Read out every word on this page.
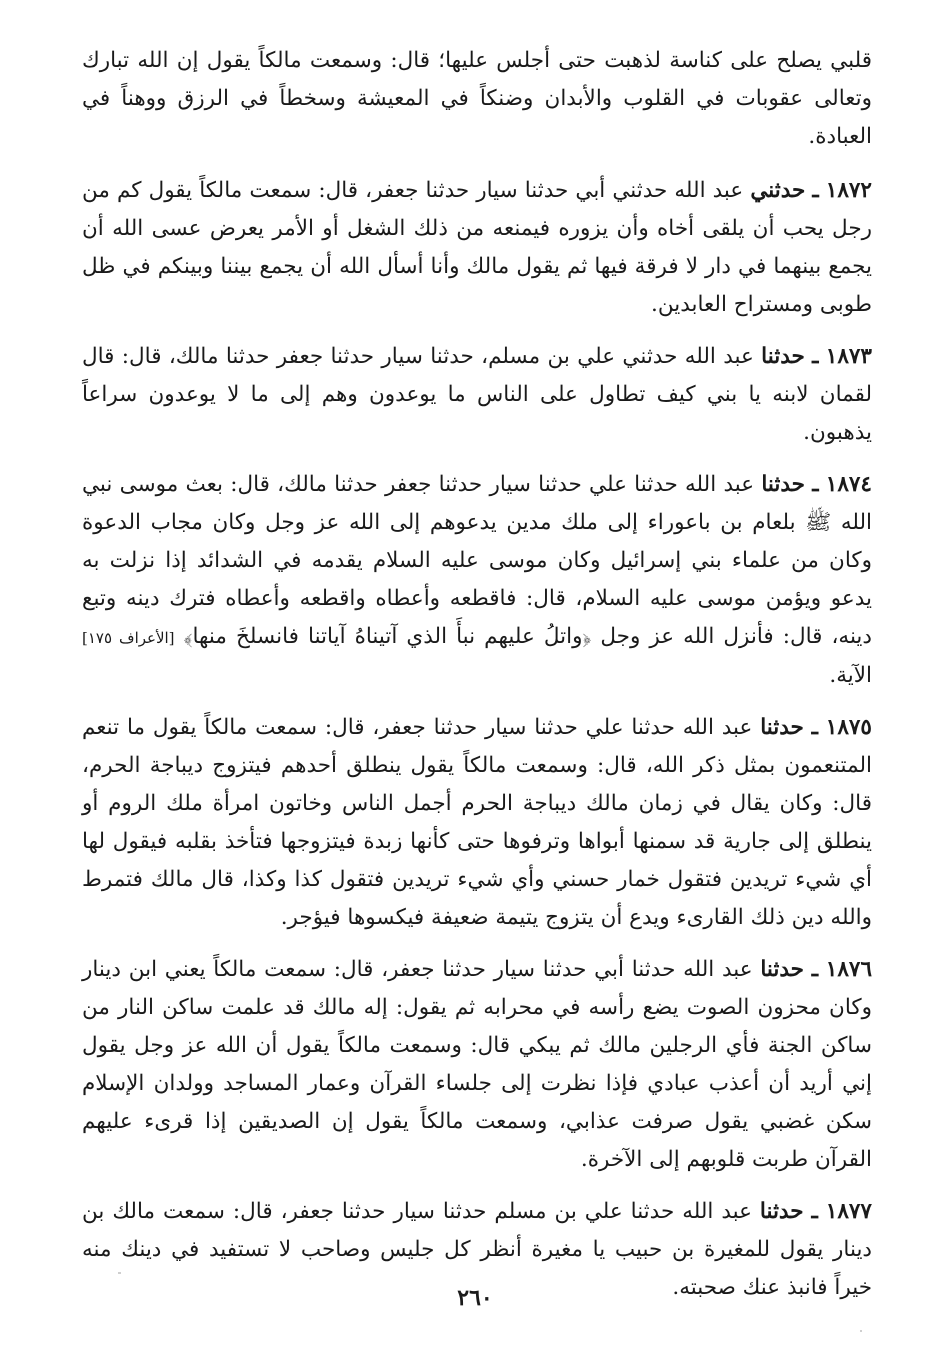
قلبي يصلح على كناسة لذهبت حتى أجلس عليها؛ قال: وسمعت مالكاً يقول إن الله تبارك وتعالى عقوبات في القلوب والأبدان وضنكاً في المعيشة وسخطاً في الرزق ووهناً في العبادة.

١٨٧٢ ـ حدثني عبد الله حدثني أبي حدثنا سيار حدثنا جعفر، قال: سمعت مالكاً يقول كم من رجل يحب أن يلقى أخاه وأن يزوره فيمنعه من ذلك الشغل أو الأمر يعرض عسى الله أن يجمع بينهما في دار لا فرقة فيها ثم يقول مالك وأنا أسأل الله أن يجمع بيننا وبينكم في ظل طوبى ومستراح العابدين.

١٨٧٣ ـ حدثنا عبد الله حدثني علي بن مسلم، حدثنا سيار حدثنا جعفر حدثنا مالك، قال: قال لقمان لابنه يا بني كيف تطاول على الناس ما يوعدون وهم إلى ما لا يوعدون سراعاً يذهبون.

١٨٧٤ ـ حدثنا عبد الله حدثنا علي حدثنا سيار حدثنا جعفر حدثنا مالك، قال: بعث موسى نبي الله ﷺ بلعام بن باعوراء إلى ملك مدين يدعوهم إلى الله عز وجل وكان مجاب الدعوة وكان من علماء بني إسرائيل وكان موسى عليه السلام يقدمه في الشدائد إذا نزلت به يدعو ويؤمن موسى عليه السلام، قال: فاقطعه وأعطاه واقطعه وأعطاه فترك دينه وتبع دينه، قال: فأنزل الله عز وجل ﴿واتلُ عليهم نبأَ الذي آتيناهُ آياتنا فانسلخَ منها﴾ [الأعراف ١٧٥] الآية.

١٨٧٥ ـ حدثنا عبد الله حدثنا علي حدثنا سيار حدثنا جعفر، قال: سمعت مالكاً يقول ما تنعم المتنعمون بمثل ذكر الله، قال: وسمعت مالكاً يقول ينطلق أحدهم فيتزوج ديباجة الحرم، قال: وكان يقال في زمان مالك ديباجة الحرم أجمل الناس وخاتون امرأة ملك الروم أو ينطلق إلى جارية قد سمنها أبواها وترفوها حتى كأنها زبدة فيتزوجها فتأخذ بقلبه فيقول لها أي شيء تريدين فتقول خمار حسني وأي شيء تريدين فتقول كذا وكذا، قال مالك فتمرط والله دين ذلك القارىء ويدع أن يتزوج يتيمة ضعيفة فيكسوها فيؤجر.

١٨٧٦ ـ حدثنا عبد الله حدثنا أبي حدثنا سيار حدثنا جعفر، قال: سمعت مالكاً يعني ابن دينار وكان محزون الصوت يضع رأسه في محرابه ثم يقول: إله مالك قد علمت ساكن النار من ساكن الجنة فأي الرجلين مالك ثم يبكي قال: وسمعت مالكاً يقول أن الله عز وجل يقول إني أريد أن أعذب عبادي فإذا نظرت إلى جلساء القرآن وعمار المساجد وولدان الإسلام سكن غضبي يقول صرفت عذابي، وسمعت مالكاً يقول إن الصديقين إذا قرىء عليهم القرآن طربت قلوبهم إلى الآخرة.

١٨٧٧ ـ حدثنا عبد الله حدثنا علي بن مسلم حدثنا سيار حدثنا جعفر، قال: سمعت مالك بن دينار يقول للمغيرة بن حبيب يا مغيرة أنظر كل جليس وصاحب لا تستفيد في دينك منه خيراً فانبذ عنك صحبته.

٢٦٠
